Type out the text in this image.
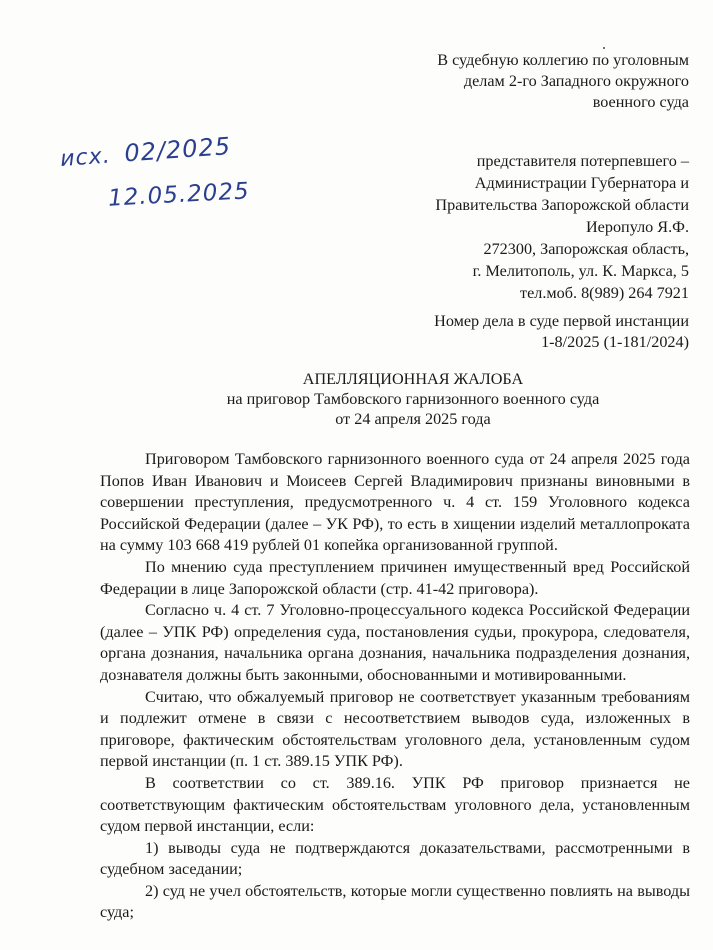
В судебную коллегию по уголовным
делам 2-го Западного окружного
военного суда
исх. 02/2025
12.05.2025
представителя потерпевшего –
Администрации Губернатора и
Правительства Запорожской области
Иеропуло Я.Ф.
272300, Запорожская область,
г. Мелитополь, ул. К. Маркса, 5
тел.моб. 8(989) 264 7921
Номер дела в суде первой инстанции
1-8/2025 (1-181/2024)
АПЕЛЛЯЦИОННАЯ ЖАЛОБА
на приговор Тамбовского гарнизонного военного суда
от 24 апреля 2025 года

Приговором Тамбовского гарнизонного военного суда от 24 апреля 2025 года Попов Иван Иванович и Моисеев Сергей Владимирович признаны виновными в совершении преступления, предусмотренного ч. 4 ст. 159 Уголовного кодекса Российской Федерации (далее – УК РФ), то есть в хищении изделий металлопроката на сумму 103 668 419 рублей 01 копейка организованной группой.

По мнению суда преступлением причинен имущественный вред Российской Федерации в лице Запорожской области (стр. 41-42 приговора).

Согласно ч. 4 ст. 7 Уголовно-процессуального кодекса Российской Федерации (далее – УПК РФ) определения суда, постановления судьи, прокурора, следователя, органа дознания, начальника органа дознания, начальника подразделения дознания, дознавателя должны быть законными, обоснованными и мотивированными.

Считаю, что обжалуемый приговор не соответствует указанным требованиям и подлежит отмене в связи с несоответствием выводов суда, изложенных в приговоре, фактическим обстоятельствам уголовного дела, установленным судом первой инстанции (п. 1 ст. 389.15 УПК РФ).

В соответствии со ст. 389.16. УПК РФ приговор признается не соответствующим фактическим обстоятельствам уголовного дела, установленным судом первой инстанции, если:

1) выводы суда не подтверждаются доказательствами, рассмотренными в судебном заседании;

2) суд не учел обстоятельств, которые могли существенно повлиять на выводы суда;
